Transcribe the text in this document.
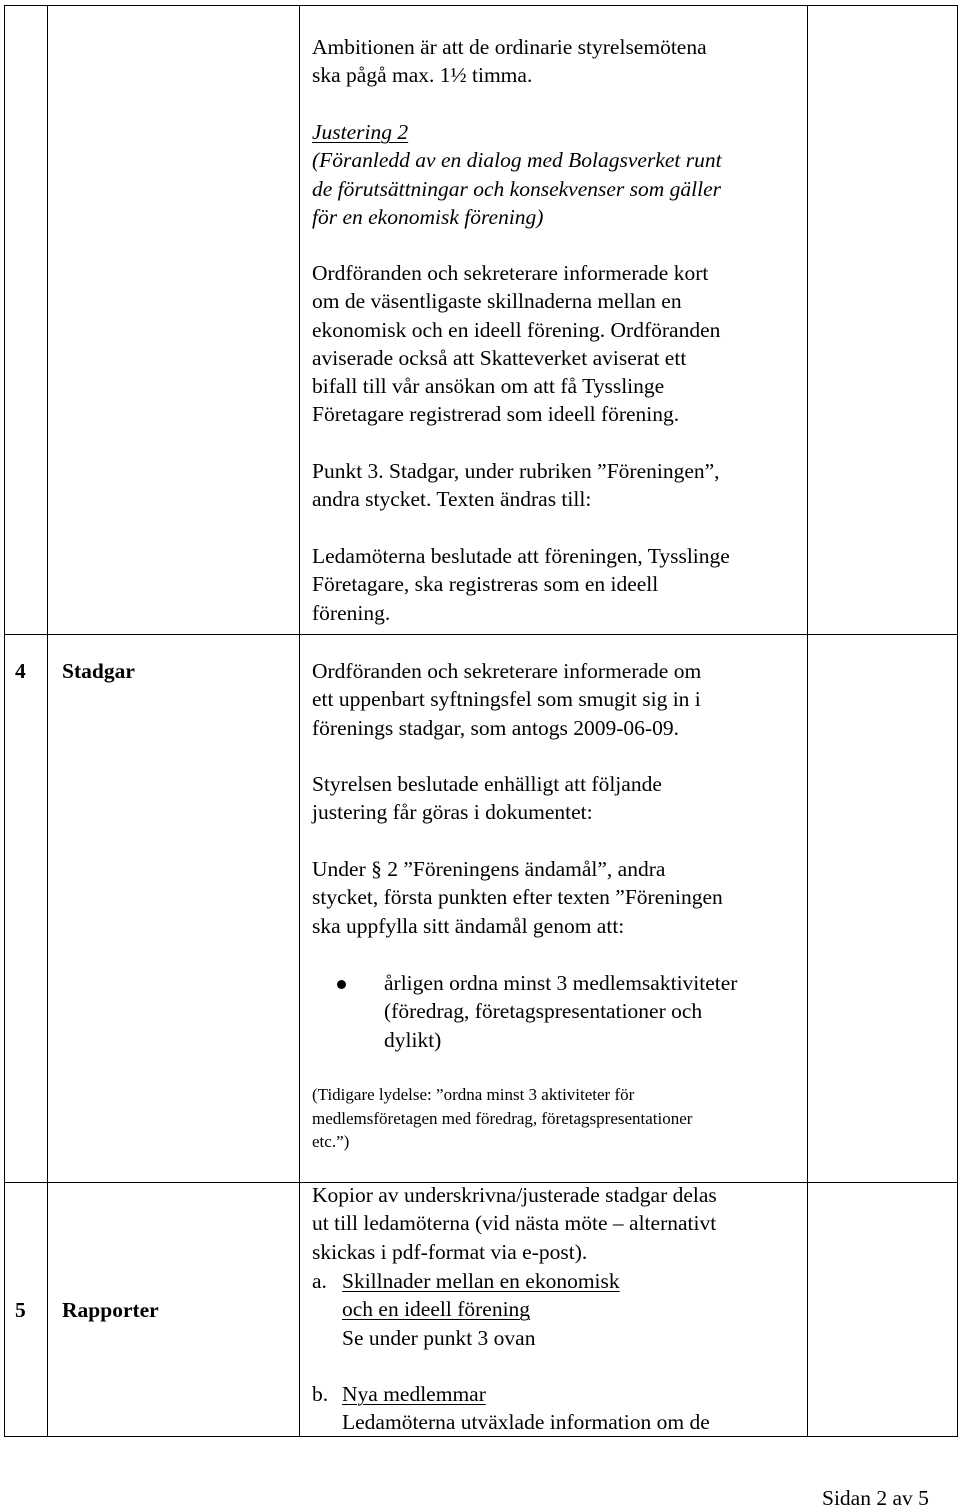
4 Stadgar
5 Rapporter
Ambitionen är att de ordinarie styrelsemötena
ska pågå max. 1½ timma.
Justering 2
(Föranledd av en dialog med Bolagsverket runt
de förutsättningar och konsekvenser som gäller
för en ekonomisk förening)
Ordföranden och sekreterare informerade kort
om de väsentligaste skillnaderna mellan en
ekonomisk och en ideell förening. Ordföranden
aviserade också att Skatteverket aviserat ett
bifall till vår ansökan om att få Tysslinge
Företagare registrerad som ideell förening.
Punkt 3. Stadgar, under rubriken ”Föreningen”,
andra stycket. Texten ändras till:
Ledamöterna beslutade att föreningen, Tysslinge
Företagare, ska registreras som en ideell
förening.
Ordföranden och sekreterare informerade om
ett uppenbart syftningsfel som smugit sig in i
förenings stadgar, som antogs 2009-06-09.
Styrelsen beslutade enhälligt att följande
justering får göras i dokumentet:
Under § 2 ”Föreningens ändamål”, andra
stycket, första punkten efter texten ”Föreningen
ska uppfylla sitt ändamål genom att:
årligen ordna minst 3 medlemsaktiviteter
(föredrag, företagspresentationer och
dylikt)
(Tidigare lydelse: ”ordna minst 3 aktiviteter för
medlemsföretagen med föredrag, företagspresentationer
etc.”)
Kopior av underskrivna/justerade stadgar delas
ut till ledamöterna (vid nästa möte – alternativt
skickas i pdf-format via e-post).
a. Skillnader mellan en ekonomisk
och en ideell förening
Se under punkt 3 ovan
b. Nya medlemmar
Ledamöterna utväxlade information om de
Sidan 2 av 5
